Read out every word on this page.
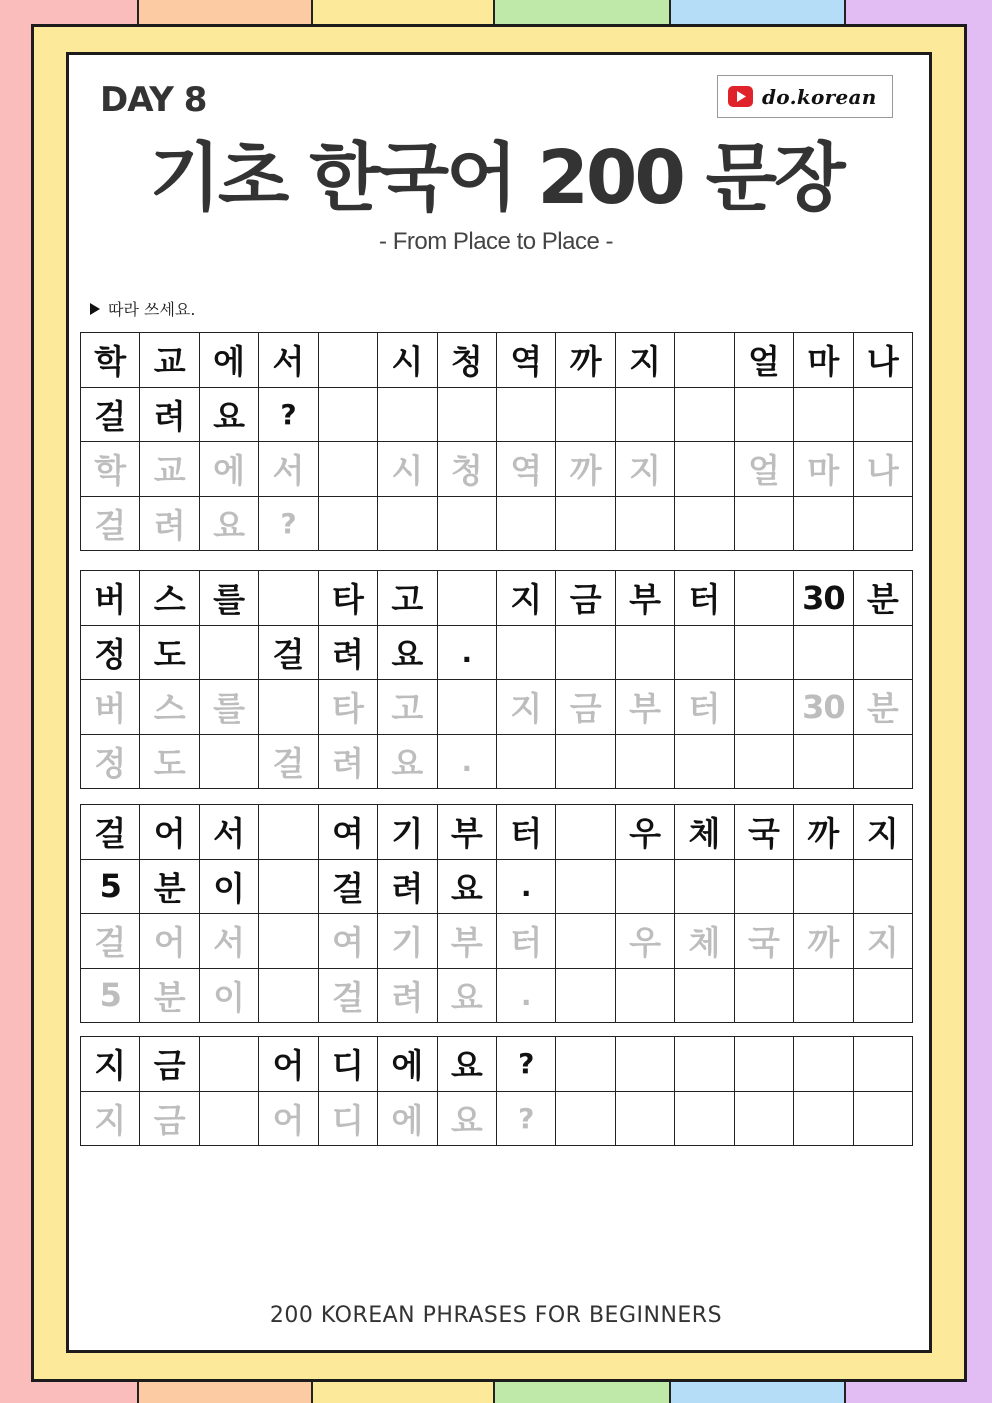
DAY 8	do.korean
기초 한국어 200 문장
- From Place to Place -
따라 쓰세요.
학 교 에 서	시 청 역 까 지	얼 마 나
걸 려 요	?
학 교 에 서	시 청 역 까 지	얼 마 나
걸 려 요	?
버 스 를	타 고	지 금 부 터	30 분
정 도	걸 려 요	.
버 스 를	타 고	지 금 부 터	30 분
정 도	걸 려 요	.
걸 어 서	여 기 부 터	우 체 국 까 지
5 분 이	걸 려 요	.
걸 어 서	여 기 부 터	우 체 국 까 지
5 분 이	걸 려 요	.
지 금	어 디 에 요	?
지 금	어 디 에 요	?
200 KOREAN PHRASES FOR BEGINNERS
